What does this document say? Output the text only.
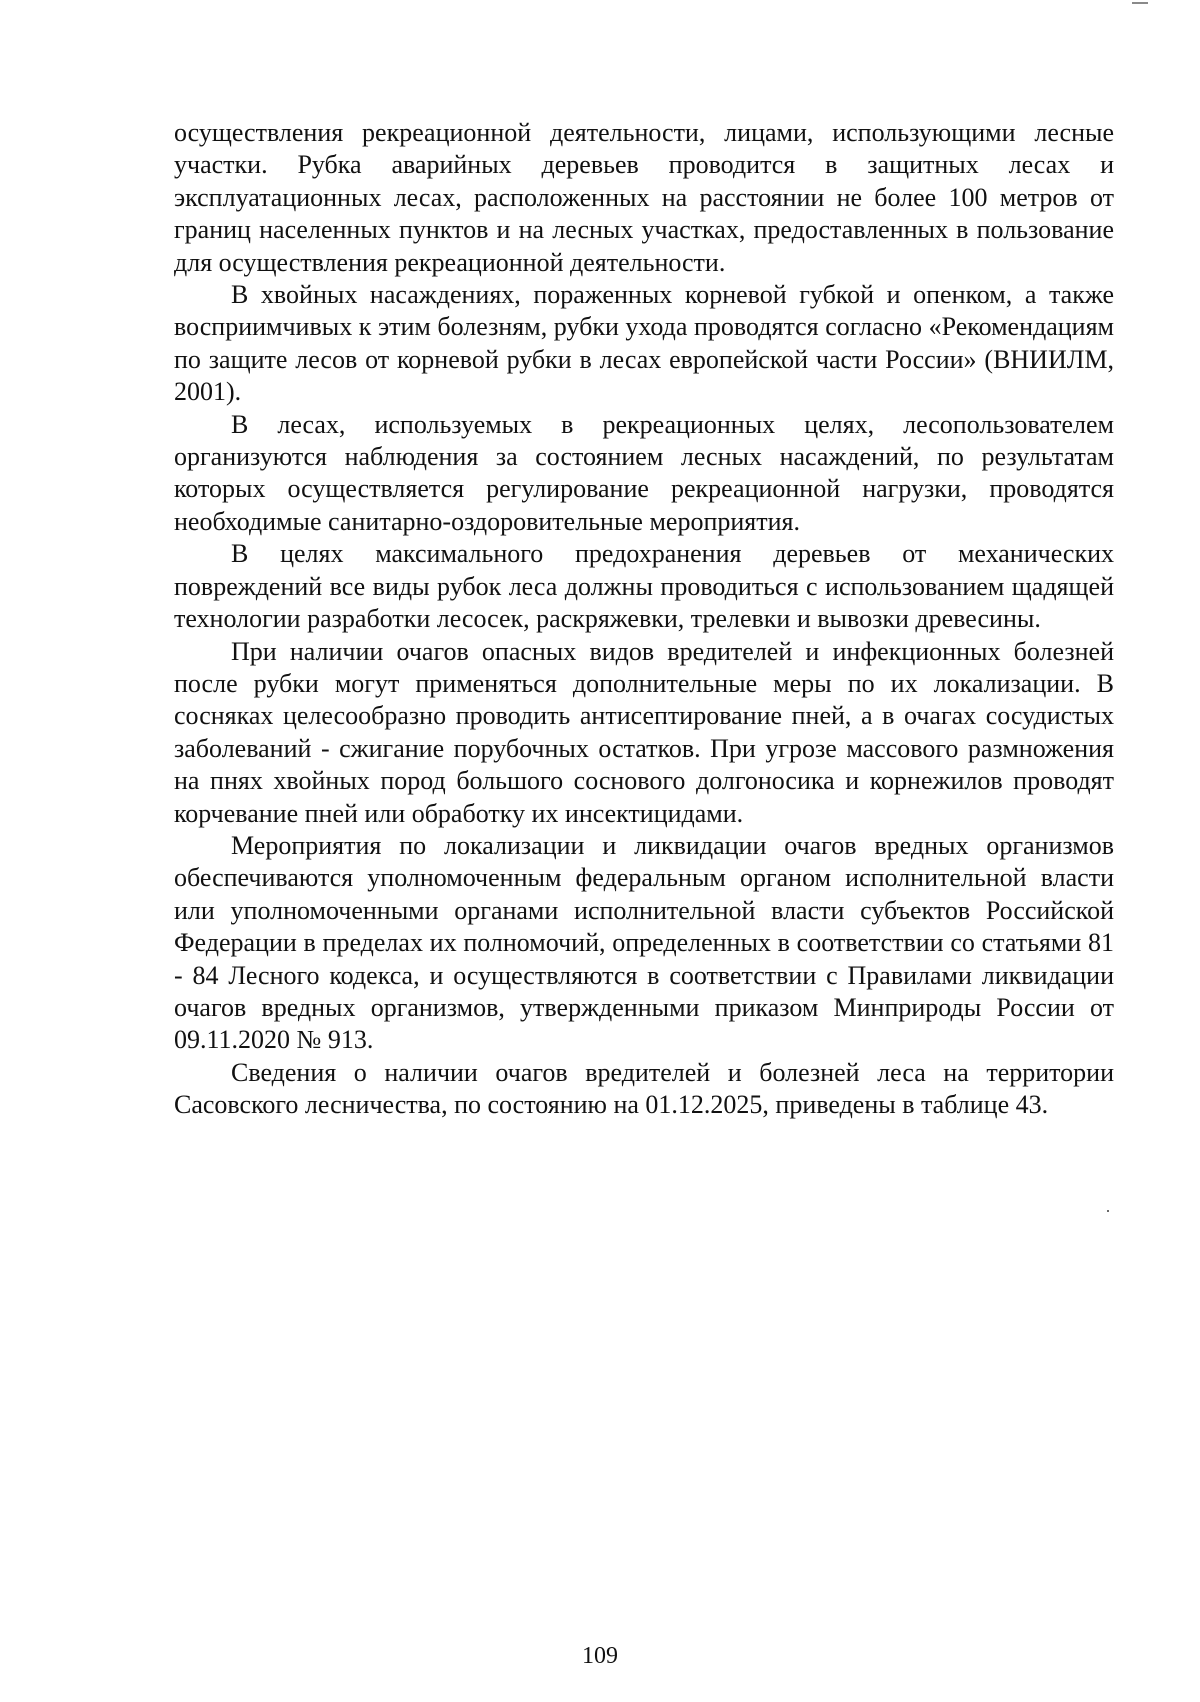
осуществления рекреационной деятельности, лицами, использующими лесные участки. Рубка аварийных деревьев проводится в защитных лесах и эксплуатационных лесах, расположенных на расстоянии не более 100 метров от границ населенных пунктов и на лесных участках, предоставленных в пользование для осуществления рекреационной деятельности.

В хвойных насаждениях, пораженных корневой губкой и опенком, а также восприимчивых к этим болезням, рубки ухода проводятся согласно «Рекомендациям по защите лесов от корневой рубки в лесах европейской части России» (ВНИИЛМ, 2001).

В лесах, используемых в рекреационных целях, лесопользователем организуются наблюдения за состоянием лесных насаждений, по результатам которых осуществляется регулирование рекреационной нагрузки, проводятся необходимые санитарно-оздоровительные мероприятия.

В целях максимального предохранения деревьев от механических повреждений все виды рубок леса должны проводиться с использованием щадящей технологии разработки лесосек, раскряжевки, трелевки и вывозки древесины.

При наличии очагов опасных видов вредителей и инфекционных болезней после рубки могут применяться дополнительные меры по их локализации. В сосняках целесообразно проводить антисептирование пней, а в очагах сосудистых заболеваний - сжигание порубочных остатков. При угрозе массового размножения на пнях хвойных пород большого соснового долгоносика и корнежилов проводят корчевание пней или обработку их инсектицидами.

Мероприятия по локализации и ликвидации очагов вредных организмов обеспечиваются уполномоченным федеральным органом исполнительной власти или уполномоченными органами исполнительной власти субъектов Российской Федерации в пределах их полномочий, определенных в соответствии со статьями 81 - 84 Лесного кодекса, и осуществляются в соответствии с Правилами ликвидации очагов вредных организмов, утвержденными приказом Минприроды России от 09.11.2020 № 913.

Сведения о наличии очагов вредителей и болезней леса на территории Сасовского лесничества, по состоянию на 01.12.2025, приведены в таблице 43.

109
